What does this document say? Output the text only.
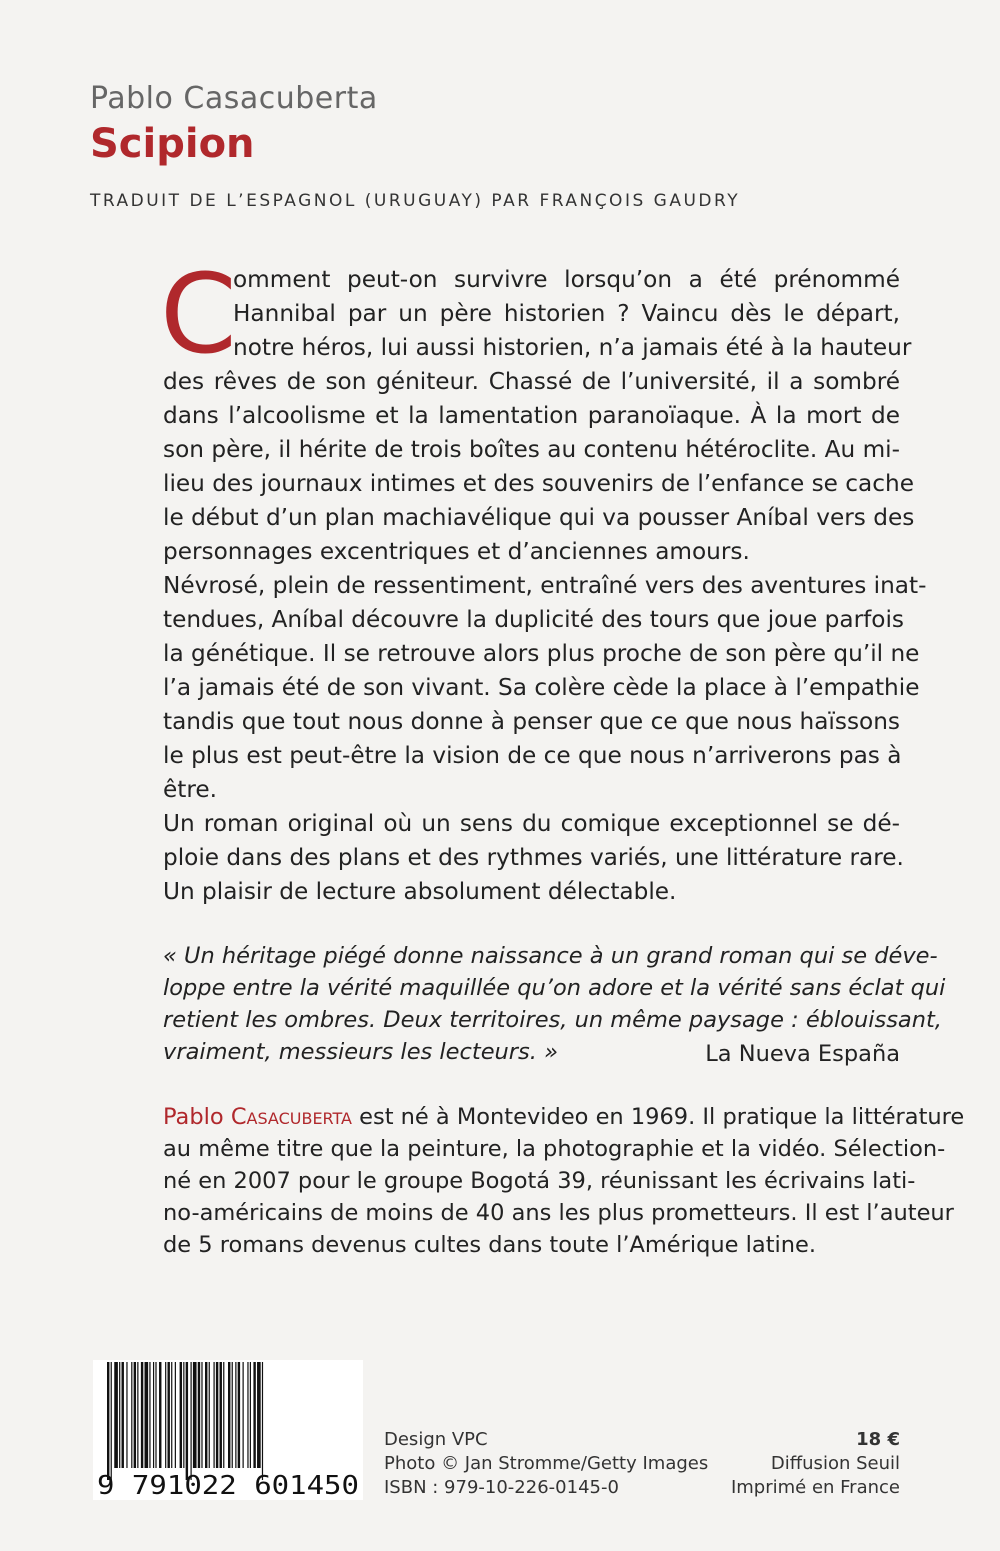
Pablo Casacuberta
Scipion
TRADUIT DE L’ESPAGNOL (URUGUAY) PAR FRANÇOIS GAUDRY
C
omment peut-on survivre lorsqu’on a été prénommé
Hannibal par un père historien ? Vaincu dès le départ,
notre héros, lui aussi historien, n’a jamais été à la hauteur
des rêves de son géniteur. Chassé de l’université, il a sombré
dans l’alcoolisme et la lamentation paranoïaque. À la mort de
son père, il hérite de trois boîtes au contenu hétéroclite. Au mi-
lieu des journaux intimes et des souvenirs de l’enfance se cache
le début d’un plan machiavélique qui va pousser Aníbal vers des
personnages excentriques et d’anciennes amours.
Névrosé, plein de ressentiment, entraîné vers des aventures inat-
tendues, Aníbal découvre la duplicité des tours que joue parfois
la génétique. Il se retrouve alors plus proche de son père qu’il ne
l’a jamais été de son vivant. Sa colère cède la place à l’empathie
tandis que tout nous donne à penser que ce que nous haïssons
le plus est peut-être la vision de ce que nous n’arriverons pas à
être.
Un roman original où un sens du comique exceptionnel se dé-
ploie dans des plans et des rythmes variés, une littérature rare.
Un plaisir de lecture absolument délectable.
« Un héritage piégé donne naissance à un grand roman qui se déve-
loppe entre la vérité maquillée qu’on adore et la vérité sans éclat qui
retient les ombres. Deux territoires, un même paysage : éblouissant,
vraiment, messieurs les lecteurs. »	La Nueva España
Pablo Casacuberta est né à Montevideo en 1969. Il pratique la littérature
au même titre que la peinture, la photographie et la vidéo. Sélection-
né en 2007 pour le groupe Bogotá 39, réunissant les écrivains lati-
no-américains de moins de 40 ans les plus prometteurs. Il est l’auteur
de 5 romans devenus cultes dans toute l’Amérique latine.
9 791022 601450
Design VPC
Photo © Jan Stromme/Getty Images
ISBN : 979-10-226-0145-0
18 €
Diffusion Seuil
Imprimé en France
